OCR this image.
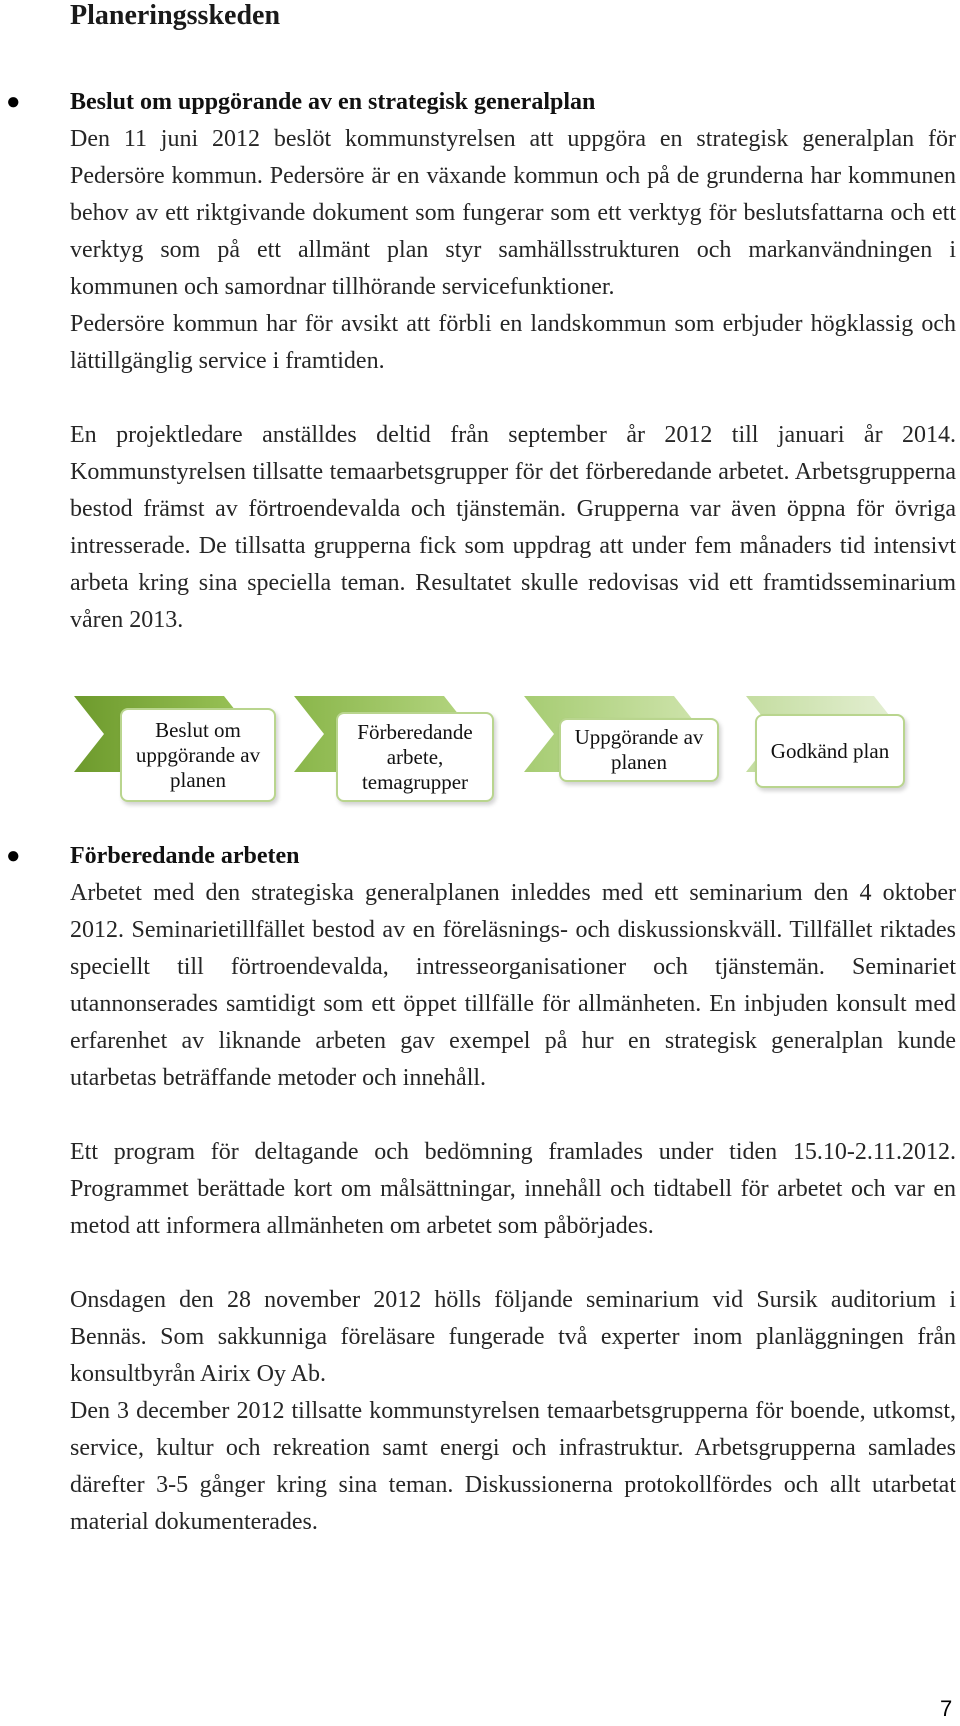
Planeringsskeden
● Beslut om uppgörande av en strategisk generalplan

Den 11 juni 2012 beslöt kommunstyrelsen att uppgöra en strategisk generalplan för Pedersöre kommun. Pedersöre är en växande kommun och på de grunderna har kommunen behov av ett riktgivande dokument som fungerar som ett verktyg för beslutsfattarna och ett verktyg som på ett allmänt plan styr samhällsstrukturen och markanvändningen i kommunen och samordnar tillhörande servicefunktioner.

Pedersöre kommun har för avsikt att förbli en landskommun som erbjuder högklassig och lättillgänglig service i framtiden.

En projektledare anställdes deltid från september år 2012 till januari år 2014. Kommunstyrelsen tillsatte temaarbetsgrupper för det förberedande arbetet. Arbetsgrupperna bestod främst av förtroendevalda och tjänstemän. Grupperna var även öppna för övriga intresserade. De tillsatta grupperna fick som uppdrag att under fem månaders tid intensivt arbeta kring sina speciella teman. Resultatet skulle redovisas vid ett framtidsseminarium våren 2013.

Beslut om uppgörande av planen
Förberedande arbete, temagrupper
Uppgörande av planen	Godkänd plan
● Förberedande arbeten

Arbetet med den strategiska generalplanen inleddes med ett seminarium den 4 oktober 2012. Seminarietillfället bestod av en föreläsnings- och diskussionskväll. Tillfället riktades speciellt till förtroendevalda, intresseorganisationer och tjänstemän. Seminariet utannonserades samtidigt som ett öppet tillfälle för allmänheten. En inbjuden konsult med erfarenhet av liknande arbeten gav exempel på hur en strategisk generalplan kunde utarbetas beträffande metoder och innehåll.

Ett program för deltagande och bedömning framlades under tiden 15.10-2.11.2012. Programmet berättade kort om målsättningar, innehåll och tidtabell för arbetet och var en metod att informera allmänheten om arbetet som påbörjades.

Onsdagen den 28 november 2012 hölls följande seminarium vid Sursik auditorium i Bennäs. Som sakkunniga föreläsare fungerade två experter inom planläggningen från konsultbyrån Airix Oy Ab.

Den 3 december 2012 tillsatte kommunstyrelsen temaarbetsgrupperna för boende, utkomst, service, kultur och rekreation samt energi och infrastruktur. Arbetsgrupperna samlades därefter 3-5 gånger kring sina teman. Diskussionerna protokollfördes och allt utarbetat material dokumenterades.

7
